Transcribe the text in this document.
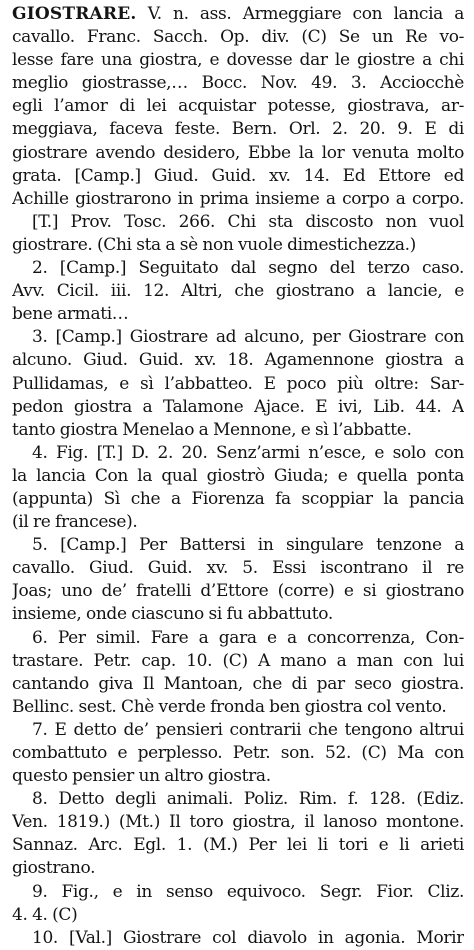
GIOSTRARE. V. n. ass. Armeggiare con lancia a
cavallo. Franc. Sacch. Op. div. (C) Se un Re vo-
lesse fare una giostra, e dovesse dar le giostre a chi
meglio giostrasse,… Bocc. Nov. 49. 3. Acciocchè
egli l’amor di lei acquistar potesse, giostrava, ar-
meggiava, faceva feste. Bern. Orl. 2. 20. 9. E di
giostrare avendo desidero, Ebbe la lor venuta molto
grata. [Camp.] Giud. Guid. xv. 14. Ed Ettore ed
Achille giostrarono in prima insieme a corpo a corpo.
[T.] Prov. Tosc. 266. Chi sta discosto non vuol
giostrare. (Chi sta a sè non vuole dimestichezza.)
2. [Camp.] Seguitato dal segno del terzo caso.
Avv. Cicil. iii. 12. Altri, che giostrano a lancie, e
bene armati…
3. [Camp.] Giostrare ad alcuno, per Giostrare con
alcuno. Giud. Guid. xv. 18. Agamennone giostra a
Pullidamas, e sì l’abbatteo. E poco più oltre: Sar-
pedon giostra a Talamone Ajace. E ivi, Lib. 44. A
tanto giostra Menelao a Mennone, e sì l’abbatte.
4. Fig. [T.] D. 2. 20. Senz’armi n’esce, e solo con
la lancia Con la qual giostrò Giuda; e quella ponta
(appunta) Sì che a Fiorenza fa scoppiar la pancia
(il re francese).
5. [Camp.] Per Battersi in singulare tenzone a
cavallo. Giud. Guid. xv. 5. Essi iscontrano il re
Joas; uno de’ fratelli d’Ettore (corre) e si giostrano
insieme, onde ciascuno si fu abbattuto.
6. Per simil. Fare a gara e a concorrenza, Con-
trastare. Petr. cap. 10. (C) A mano a man con lui
cantando giva Il Mantoan, che di par seco giostra.
Bellinc. sest. Chè verde fronda ben giostra col vento.
7. E detto de’ pensieri contrarii che tengono altrui
combattuto e perplesso. Petr. son. 52. (C) Ma con
questo pensier un altro giostra.
8. Detto degli animali. Poliz. Rim. f. 128. (Ediz.
Ven. 1819.) (Mt.) Il toro giostra, il lanoso montone.
Sannaz. Arc. Egl. 1. (M.) Per lei li tori e li arieti
giostrano.
9. Fig., e in senso equivoco. Segr. Fior. Cliz.
4. 4. (C)
10. [Val.] Giostrare col diavolo in agonia. Morir
